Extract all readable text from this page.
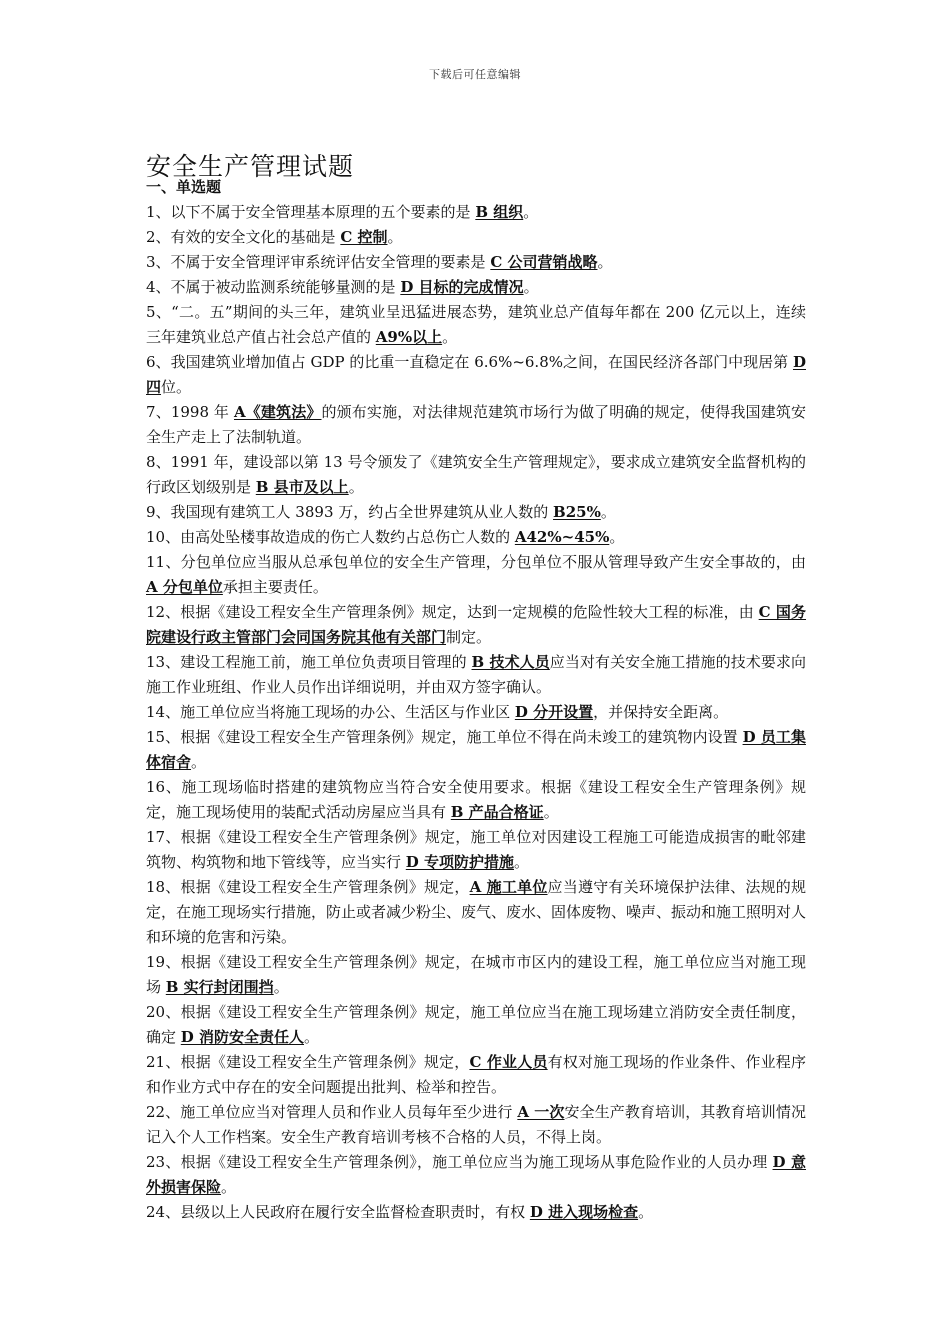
下载后可任意编辑
安全生产管理试题
一、单选题

1、以下不属于安全管理基本原理的五个要素的是 B 组织。

2、有效的安全文化的基础是 C 控制。

3、不属于安全管理评审系统评估安全管理的要素是 C 公司营销战略。

4、不属于被动监测系统能够量测的是 D 目标的完成情况。

5、“二。五”期间的头三年，建筑业呈迅猛进展态势，建筑业总产值每年都在 200 亿元以上，连续三年建筑业总产值占社会总产值的 A9%以上。

6、我国建筑业增加值占 GDP 的比重一直稳定在 6.6%~6.8%之间，在国民经济各部门中现居第 D 四位。

7、1998 年 A《建筑法》的颁布实施，对法律规范建筑市场行为做了明确的规定，使得我国建筑安全生产走上了法制轨道。

8、1991 年，建设部以第 13 号令颁发了《建筑安全生产管理规定》，要求成立建筑安全监督机构的行政区划级别是 B 县市及以上。

9、我国现有建筑工人 3893 万，约占全世界建筑从业人数的 B25%。

10、由高处坠楼事故造成的伤亡人数约占总伤亡人数的 A42%~45%。

11、分包单位应当服从总承包单位的安全生产管理，分包单位不服从管理导致产生安全事故的，由 A 分包单位承担主要责任。

12、根据《建设工程安全生产管理条例》规定，达到一定规模的危险性较大工程的标准，由 C 国务院建设行政主管部门会同国务院其他有关部门制定。

13、建设工程施工前，施工单位负责项目管理的 B 技术人员应当对有关安全施工措施的技术要求向施工作业班组、作业人员作出详细说明，并由双方签字确认。

14、施工单位应当将施工现场的办公、生活区与作业区 D 分开设置，并保持安全距离。

15、根据《建设工程安全生产管理条例》规定，施工单位不得在尚未竣工的建筑物内设置 D 员工集体宿舍。

16、施工现场临时搭建的建筑物应当符合安全使用要求。根据《建设工程安全生产管理条例》规定，施工现场使用的装配式活动房屋应当具有 B 产品合格证。

17、根据《建设工程安全生产管理条例》规定，施工单位对因建设工程施工可能造成损害的毗邻建筑物、构筑物和地下管线等，应当实行 D 专项防护措施。

18、根据《建设工程安全生产管理条例》规定，A 施工单位应当遵守有关环境保护法律、法规的规定，在施工现场实行措施，防止或者减少粉尘、废气、废水、固体废物、噪声、振动和施工照明对人和环境的危害和污染。

19、根据《建设工程安全生产管理条例》规定，在城市市区内的建设工程，施工单位应当对施工现场 B 实行封闭围挡。

20、根据《建设工程安全生产管理条例》规定，施工单位应当在施工现场建立消防安全责任制度，确定 D 消防安全责任人。

21、根据《建设工程安全生产管理条例》规定，C 作业人员有权对施工现场的作业条件、作业程序和作业方式中存在的安全问题提出批判、检举和控告。

22、施工单位应当对管理人员和作业人员每年至少进行 A 一次安全生产教育培训，其教育培训情况记入个人工作档案。安全生产教育培训考核不合格的人员，不得上岗。

23、根据《建设工程安全生产管理条例》，施工单位应当为施工现场从事危险作业的人员办理 D 意外损害保险。

24、县级以上人民政府在履行安全监督检查职责时，有权 D 进入现场检查。
